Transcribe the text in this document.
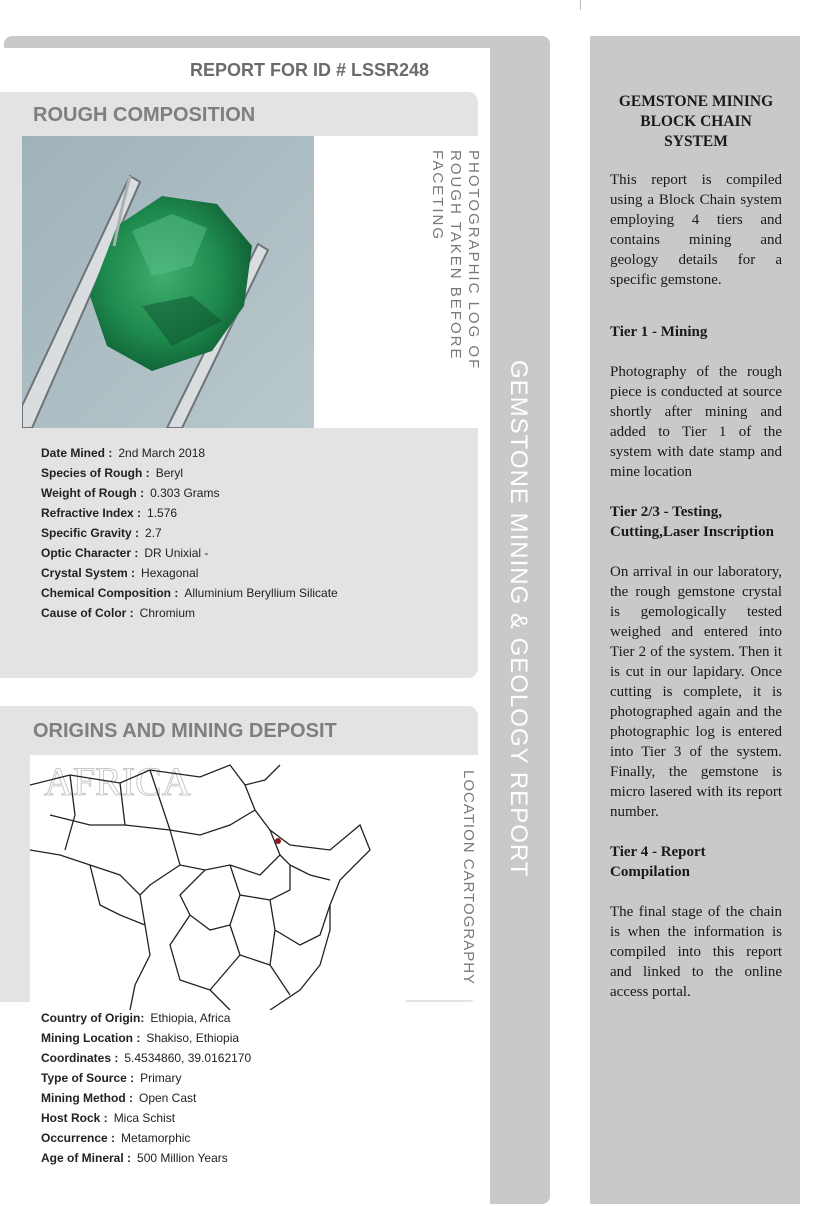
GEMSTONE MINING & GEOLOGY REPORT
REPORT FOR ID # LSSR248
ROUGH COMPOSITION
PHOTOGRAPHIC LOG OF ROUGH TAKEN BEFORE FACETING
Date Mined : 2nd March 2018
Species of Rough : Beryl
Weight of Rough : 0.303 Grams
Refractive Index : 1.576
Specific Gravity : 2.7
Optic Character : DR Unixial -
Crystal System : Hexagonal
Chemical Composition : Alluminium Beryllium Silicate
Cause of Color : Chromium
ORIGINS AND MINING DEPOSIT
AFRICA	LOCATION CARTOGRAPHY
Country of Origin: Ethiopia, Africa
Mining Location : Shakiso, Ethiopia
Coordinates : 5.4534860, 39.0162170
Type of Source : Primary
Mining Method : Open Cast
Host Rock : Mica Schist
Occurrence : Metamorphic
Age of Mineral : 500 Million Years
GEMSTONE MINING BLOCK CHAIN SYSTEM
This report is compiled using a Block Chain system employing 4 tiers and contains mining and geology details for a specific gemstone.
Tier 1 - Mining
Photography of the rough piece is conducted at source shortly after mining and added to Tier 1 of the system with date stamp and mine location
Tier 2/3 - Testing, Cutting,Laser Inscription
On arrival in our laboratory, the rough gemstone crystal is gemologically tested weighed and entered into Tier 2 of the system. Then it is cut in our lapidary. Once cutting is complete, it is photographed again and the photographic log is entered into Tier 3 of the system. Finally, the gemstone is micro lasered with its report number.
Tier 4 - Report Compilation
The final stage of the chain is when the information is compiled into this report and linked to the online access portal.
